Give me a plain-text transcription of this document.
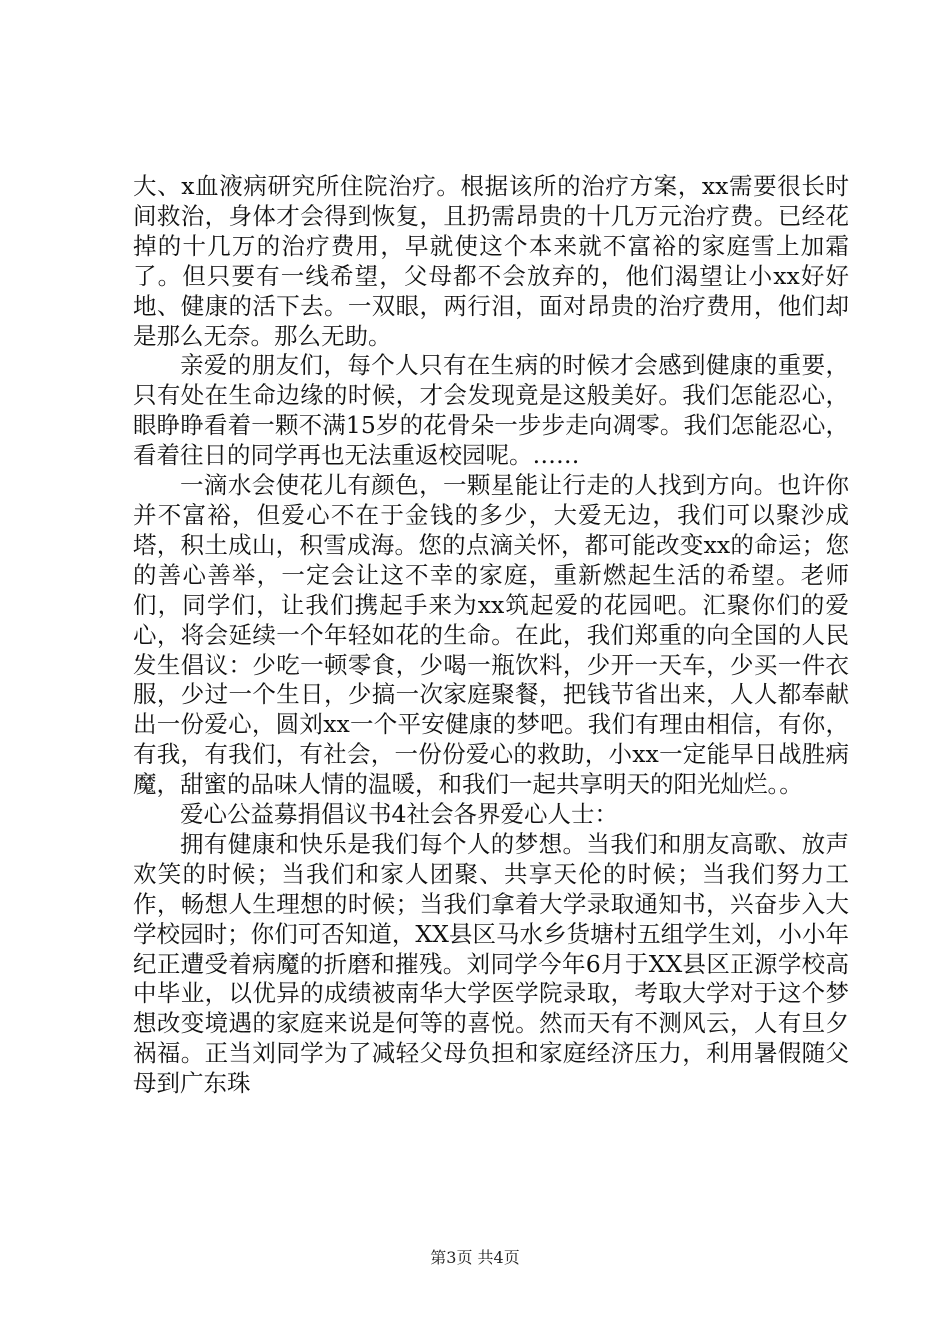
大、x血液病研究所住院治疗。根据该所的治疗方案，xx需要很长时间救治，身体才会得到恢复，且扔需昂贵的十几万元治疗费。已经花掉的十几万的治疗费用，早就使这个本来就不富裕的家庭雪上加霜了。但只要有一线希望，父母都不会放弃的，他们渴望让小xx好好地、健康的活下去。一双眼，两行泪，面对昂贵的治疗费用，他们却是那么无奈。那么无助。

亲爱的朋友们，每个人只有在生病的时候才会感到健康的重要，只有处在生命边缘的时候，才会发现竟是这般美好。我们怎能忍心，眼睁睁看着一颗不满15岁的花骨朵一步步走向凋零。我们怎能忍心，看着往日的同学再也无法重返校园呢。……

一滴水会使花儿有颜色，一颗星能让行走的人找到方向。也许你并不富裕，但爱心不在于金钱的多少，大爱无边，我们可以聚沙成塔，积土成山，积雪成海。您的点滴关怀，都可能改变xx的命运；您的善心善举，一定会让这不幸的家庭，重新燃起生活的希望。老师们，同学们，让我们携起手来为xx筑起爱的花园吧。汇聚你们的爱心，将会延续一个年轻如花的生命。在此，我们郑重的向全国的人民发生倡议：少吃一顿零食，少喝一瓶饮料，少开一天车，少买一件衣服，少过一个生日，少搞一次家庭聚餐，把钱节省出来，人人都奉献出一份爱心，圆刘xx一个平安健康的梦吧。我们有理由相信，有你，有我，有我们，有社会，一份份爱心的救助，小xx一定能早日战胜病魔，甜蜜的品味人情的温暖，和我们一起共享明天的阳光灿烂。。

爱心公益募捐倡议书4社会各界爱心人士：

拥有健康和快乐是我们每个人的梦想。当我们和朋友高歌、放声欢笑的时候；当我们和家人团聚、共享天伦的时候；当我们努力工作，畅想人生理想的时候；当我们拿着大学录取通知书，兴奋步入大学校园时；你们可否知道，XX县区马水乡货塘村五组学生刘，小小年纪正遭受着病魔的折磨和摧残。刘同学今年6月于XX县区正源学校高中毕业，以优异的成绩被南华大学医学院录取，考取大学对于这个梦想改变境遇的家庭来说是何等的喜悦。然而天有不测风云，人有旦夕祸福。正当刘同学为了减轻父母负担和家庭经济压力，利用暑假随父母到广东珠

第3页 共4页
